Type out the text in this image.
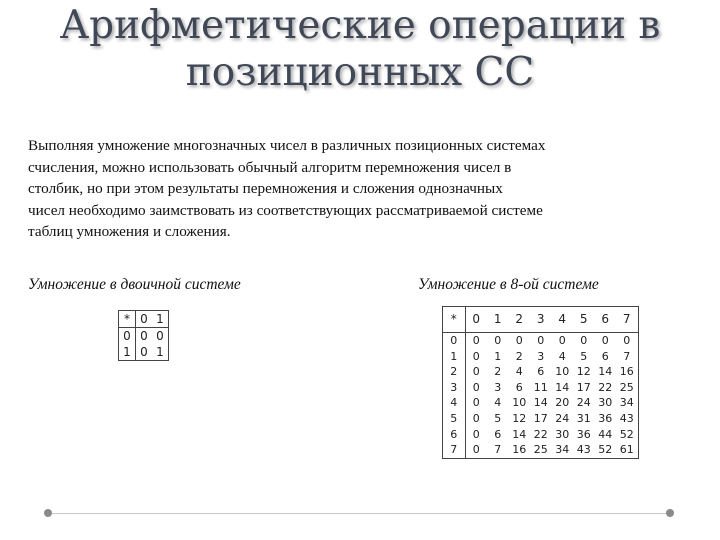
Арифметические операции в
позиционных СС
Выполняя умножение многозначных чисел в различных позиционных системах
счисления, можно использовать обычный алгоритм перемножения чисел в
столбик, но при этом результаты перемножения и сложения однозначных
чисел необходимо заимствовать из соответствующих рассматриваемой системе
таблиц умножения и сложения.
Умножение в двоичной системе	Умножение в 8-ой системе
*	0	1
0	0	0
1	0	1
*	0	1	2	3	4	5	6	7
0	0	0	0	0	0	0	0	0
1	0	1	2	3	4	5	6	7
2	0	2	4	6	10	12	14	16
3	0	3	6	11	14	17	22	25
4	0	4	10	14	20	24	30	34
5	0	5	12	17	24	31	36	43
6	0	6	14	22	30	36	44	52
7	0	7	16	25	34	43	52	61
